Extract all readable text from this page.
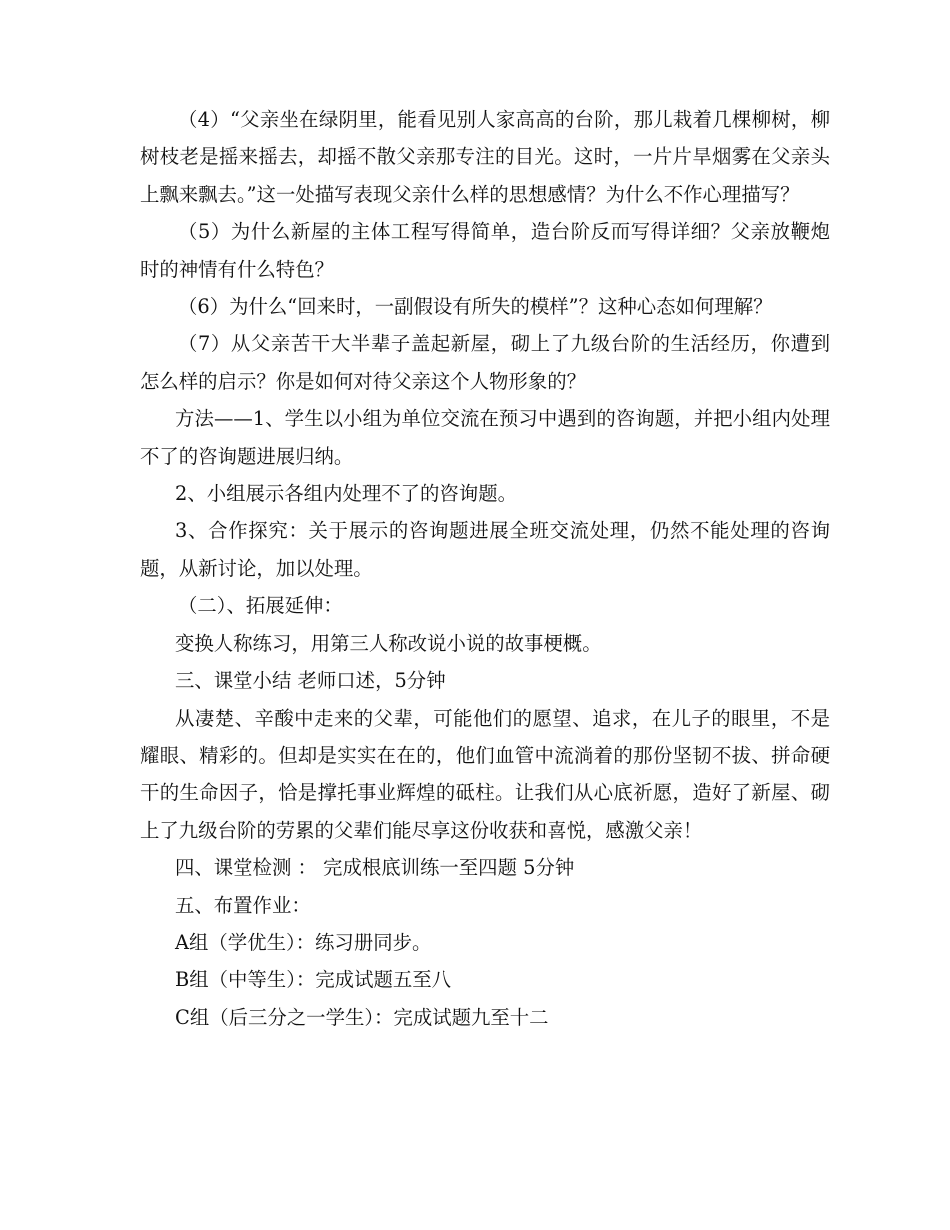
（4）“父亲坐在绿阴里，能看见别人家高高的台阶，那儿栽着几棵柳树，柳树枝老是摇来摇去，却摇不散父亲那专注的目光。这时，一片片旱烟雾在父亲头上飘来飘去。”这一处描写表现父亲什么样的思想感情？为什么不作心理描写？

（5）为什么新屋的主体工程写得简单，造台阶反而写得详细？父亲放鞭炮时的神情有什么特色？

（6）为什么“回来时，一副假设有所失的模样”？这种心态如何理解？

（7）从父亲苦干大半辈子盖起新屋，砌上了九级台阶的生活经历，你遭到怎么样的启示？你是如何对待父亲这个人物形象的？

方法——1、学生以小组为单位交流在预习中遇到的咨询题，并把小组内处理不了的咨询题进展归纳。

2、小组展示各组内处理不了的咨询题。

3、合作探究：关于展示的咨询题进展全班交流处理，仍然不能处理的咨询题，从新讨论，加以处理。

（二）、拓展延伸：

变换人称练习，用第三人称改说小说的故事梗概。

三、课堂小结 老师口述，5分钟

从凄楚、辛酸中走来的父辈，可能他们的愿望、追求，在儿子的眼里，不是耀眼、精彩的。但却是实实在在的，他们血管中流淌着的那份坚韧不拔、拼命硬干的生命因子，恰是撑托事业辉煌的砥柱。让我们从心底祈愿，造好了新屋、砌上了九级台阶的劳累的父辈们能尽享这份收获和喜悦，感激父亲！

四、课堂检测 ： 完成根底训练一至四题 5分钟

五、布置作业：

A组（学优生）：练习册同步。

B组（中等生）：完成试题五至八

C组（后三分之一学生）：完成试题九至十二
